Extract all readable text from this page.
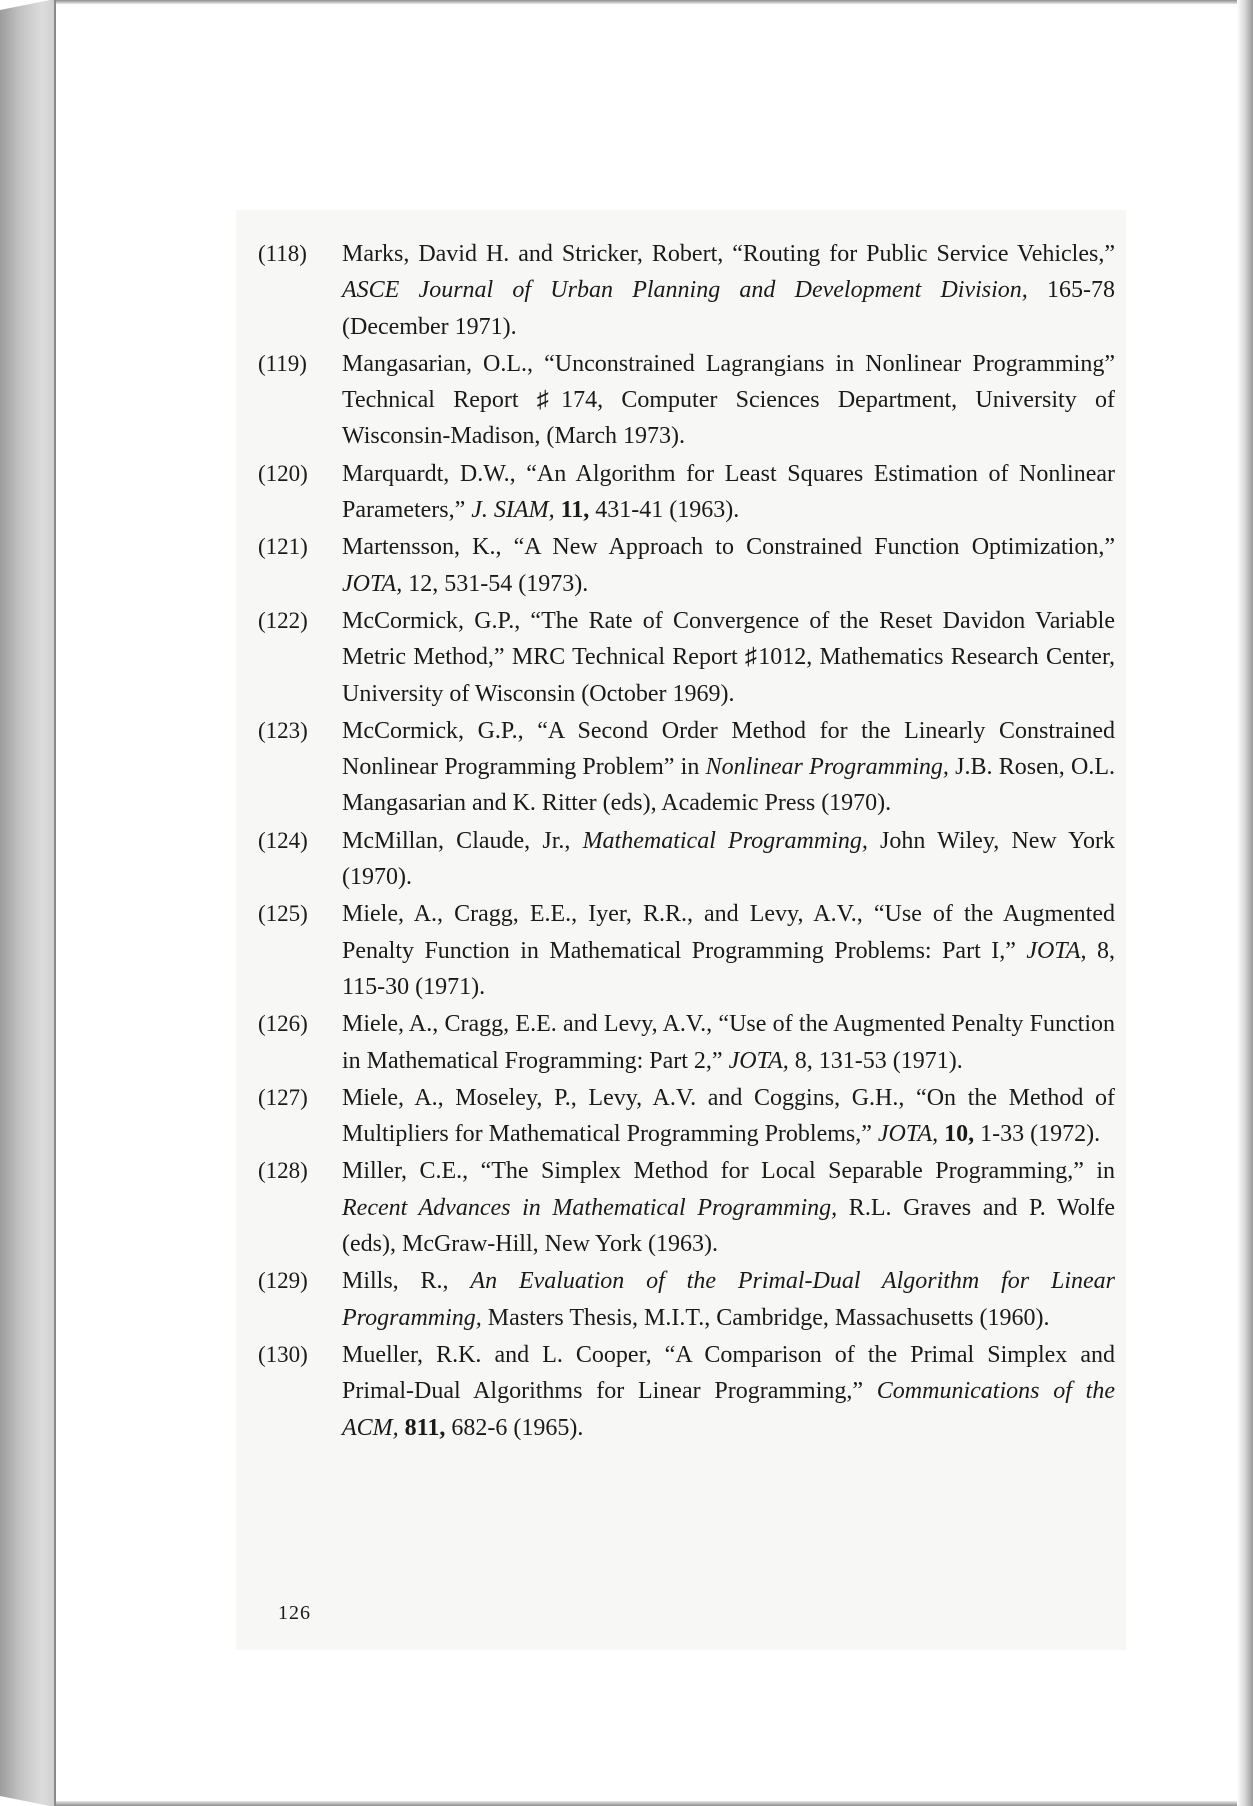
(118) Marks, David H. and Stricker, Robert, “Routing for Public Service Vehicles,” ASCE Journal of Urban Planning and Development Division, 165-78 (December 1971).
(119) Mangasarian, O.L., “Unconstrained Lagrangians in Nonlinear Programming” Technical Report ♯174, Computer Sciences Department, University of Wisconsin-Madison, (March 1973).
(120) Marquardt, D.W., “An Algorithm for Least Squares Estimation of Nonlinear Parameters,” J. SIAM, 11, 431-41 (1963).
(121) Martensson, K., “A New Approach to Constrained Function Optimization,” JOTA, 12, 531-54 (1973).
(122) McCormick, G.P., “The Rate of Convergence of the Reset Davidon Variable Metric Method,” MRC Technical Report ♯1012, Mathematics Research Center, University of Wisconsin (October 1969).
(123) McCormick, G.P., “A Second Order Method for the Linearly Constrained Nonlinear Programming Problem” in Nonlinear Programming, J.B. Rosen, O.L. Mangasarian and K. Ritter (eds), Academic Press (1970).
(124) McMillan, Claude, Jr., Mathematical Programming, John Wiley, New York (1970).
(125) Miele, A., Cragg, E.E., Iyer, R.R., and Levy, A.V., “Use of the Augmented Penalty Function in Mathematical Programming Problems: Part I,” JOTA, 8, 115-30 (1971).
(126) Miele, A., Cragg, E.E. and Levy, A.V., “Use of the Augmented Penalty Function in Mathematical Frogramming: Part 2,” JOTA, 8, 131-53 (1971).
(127) Miele, A., Moseley, P., Levy, A.V. and Coggins, G.H., “On the Method of Multipliers for Mathematical Programming Problems,” JOTA, 10, 1-33 (1972).
(128) Miller, C.E., “The Simplex Method for Local Separable Programming,” in Recent Advances in Mathematical Programming, R.L. Graves and P. Wolfe (eds), McGraw-Hill, New York (1963).
(129) Mills, R., An Evaluation of the Primal-Dual Algorithm for Linear Programming, Masters Thesis, M.I.T., Cambridge, Massachusetts (1960).
(130) Mueller, R.K. and L. Cooper, “A Comparison of the Primal Simplex and Primal-Dual Algorithms for Linear Programming,” Communications of the ACM, 811, 682-6 (1965).
126
